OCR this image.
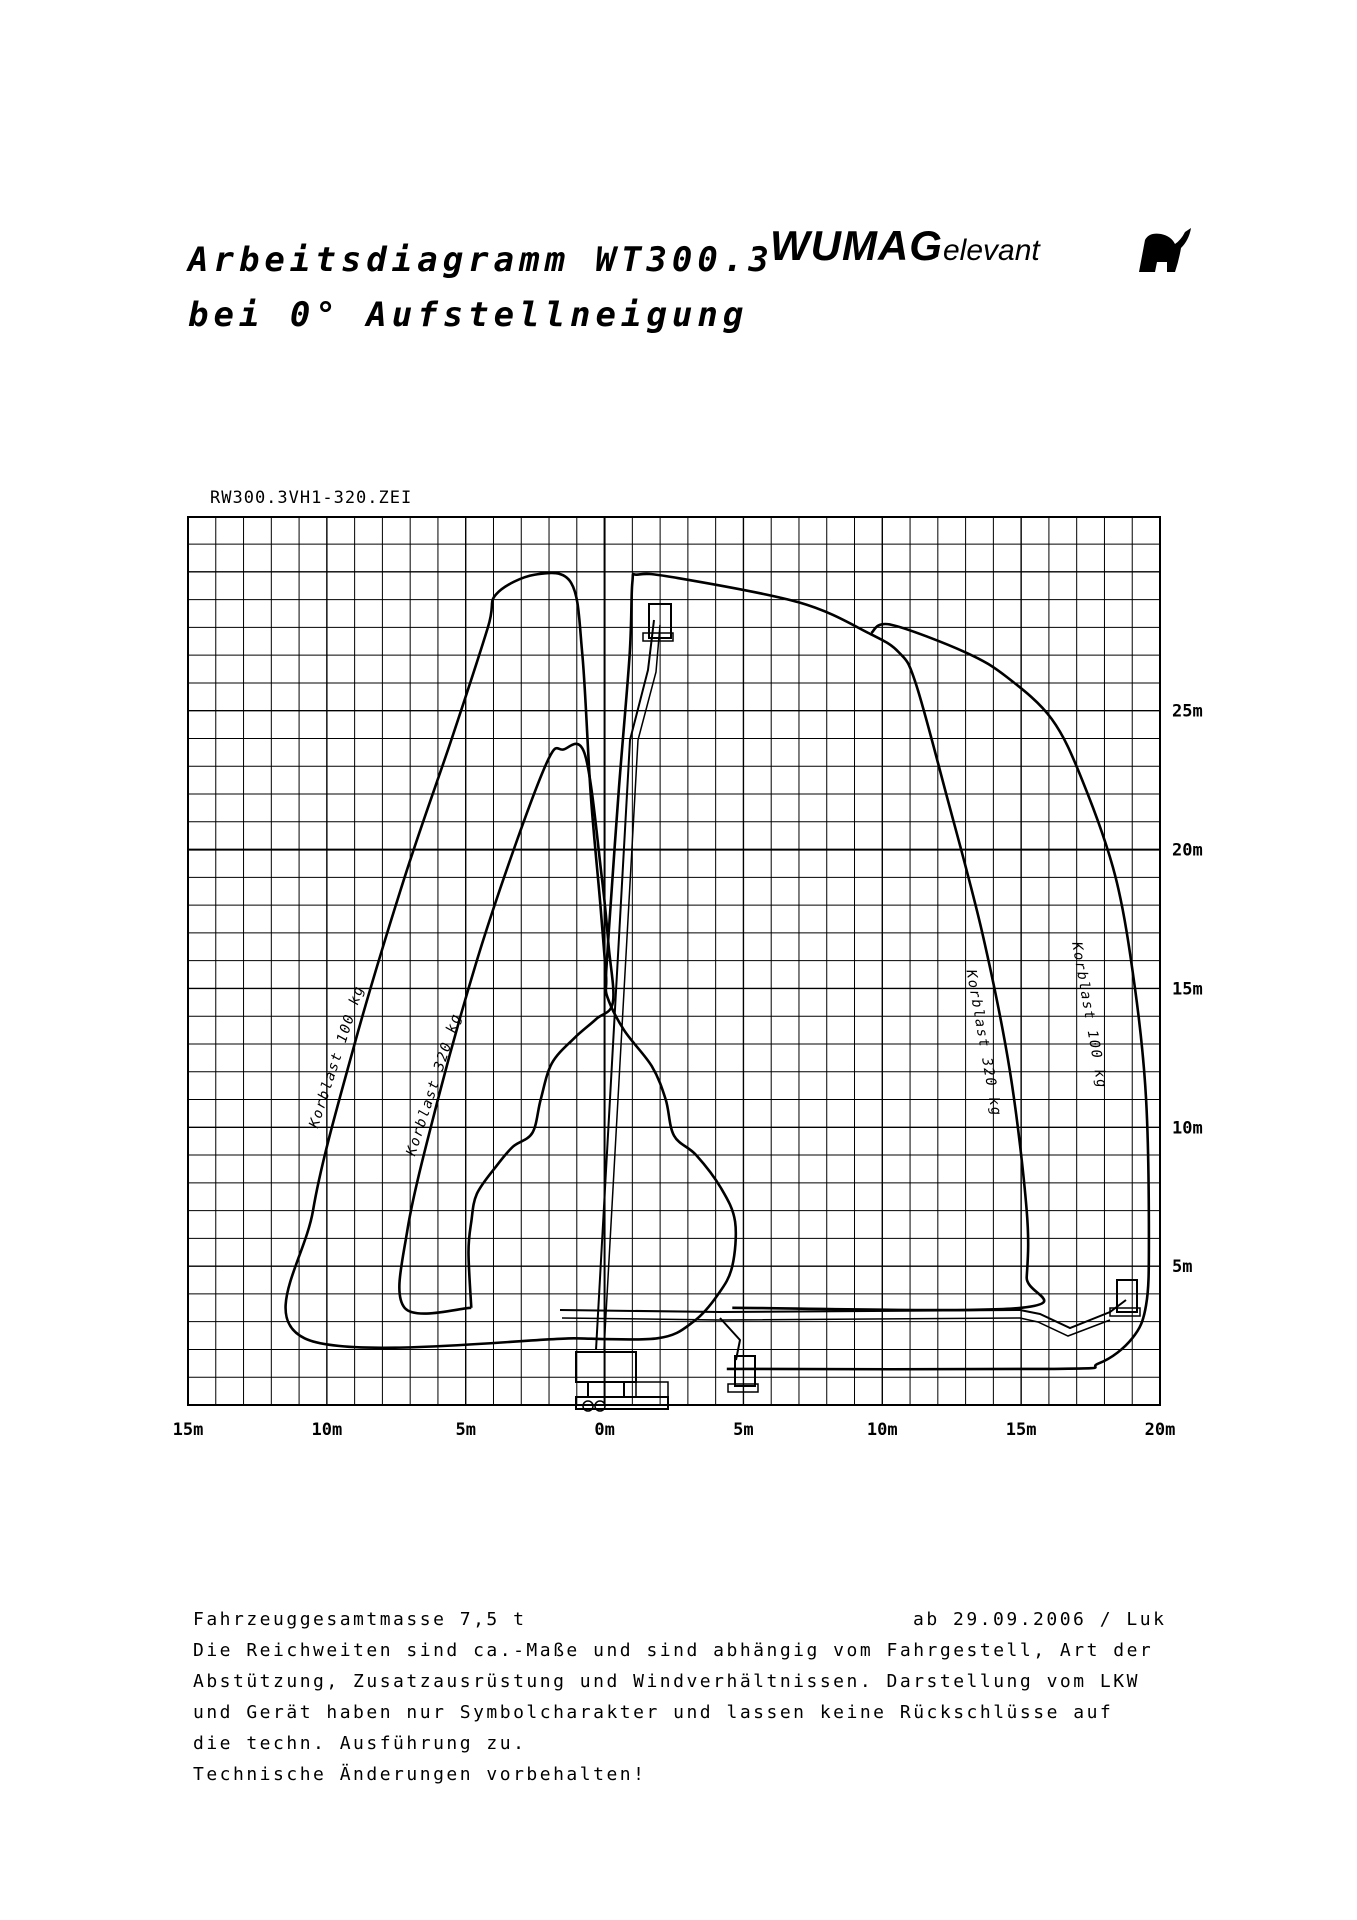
Arbeitsdiagramm WT300.3
bei 0° Aufstellneigung
WUMAGelevant
RW300.3VH1-320.ZEI
15m	10m	5m	0m	5m	10m	15m	20m
5m
10m
15m
20m
25m
Korblast 100 kg	Korblast 320 kg	Korblast 320 kg	Korblast 100 kg
Fahrzeuggesamtmasse 7,5 t	ab 29.09.2006 / Luk
Die Reichweiten sind ca.-Maße und sind abhängig vom Fahrgestell, Art der
Abstützung, Zusatzausrüstung und Windverhältnissen. Darstellung vom LKW
und Gerät haben nur Symbolcharakter und lassen keine Rückschlüsse auf
die techn. Ausführung zu.
Technische Änderungen vorbehalten!
